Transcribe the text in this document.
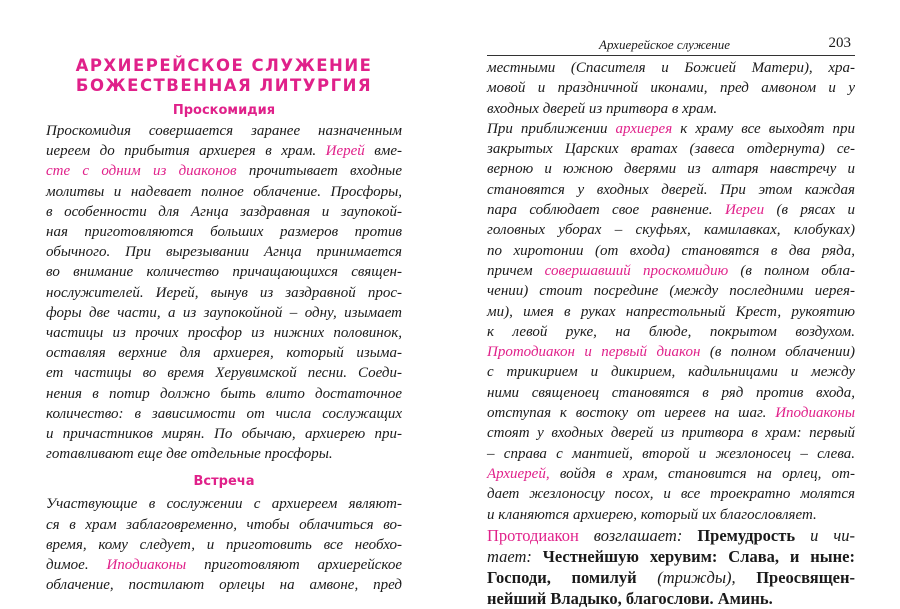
АРХИЕРЕЙСКОЕ СЛУЖЕНИЕ
БОЖЕСТВЕННАЯ ЛИТУРГИЯ
Проскомидия

Проскомидия совершается заранее назначенным
иереем до прибытия архиерея в храм. Иерей вме-
сте с одним из диаконов прочитывает входные
молитвы и надевает полное облачение. Просфоры,
в особенности для Агнца заздравная и заупокой-
ная приготовляются больших размеров против
обычного. При вырезывании Агнца принимается
во внимание количество причащающихся священ-
нослужителей. Иерей, вынув из заздравной прос-
форы две части, а из заупокойной – одну, изымает
частицы из прочих просфор из нижних половинок,
оставляя верхние для архиерея, который изыма-
ет частицы во время Херувимской песни. Соеди-
нения в потир должно быть влито достаточное
количество: в зависимости от числа сослужащих
и причастников мирян. По обычаю, архиерею при-
готавливают еще две отдельные просфоры.

Встреча

Участвующие в сослужении с архиереем являют-
ся в храм заблаговременно, чтобы облачиться во-
время, кому следует, и приготовить все необхо-
димое. Иподиаконы приготовляют архиерейское
облачение, постилают орлецы на амвоне, пред

Архиерейское служение	203

местными (Спасителя и Божией Матери), хра-
мовой и праздничной иконами, пред амвоном и у
входных дверей из притвора в храм.
При приближении архиерея к храму все выходят при
закрытых Царских вратах (завеса отдернута) се-
верною и южною дверями из алтаря навстречу и
становятся у входных дверей. При этом каждая
пара соблюдает свое равнение. Иереи (в рясах и
головных уборах – скуфьях, камилавках, клобуках)
по хиротонии (от входа) становятся в два ряда,
причем совершавший проскомидию (в полном обла-
чении) стоит посредине (между последними иерея-
ми), имея в руках напрестольный Крест, рукоятию
к левой руке, на блюде, покрытом воздухом.
Протодиакон и первый диакон (в полном облачении)
с трикирием и дикирием, кадильницами и между
ними священоец становятся в ряд против входа,
отступая к востоку от иереев на шаг. Иподиаконы
стоят у входных дверей из притвора в храм: первый
– справа с мантией, второй и жезлоносец – слева.
Архиерей, войдя в храм, становится на орлец, от-
дает жезлоносцу посох, и все троекратно молятся
и кланяются архиерею, который их благословляет.

Протодиакон возглашает: Премудрость и чи-
тает: Честнейшую херувим: Слава, и ныне:
Господи, помилуй (трижды), Преосвящен-
нейший Владыко, благослови. Аминь.
